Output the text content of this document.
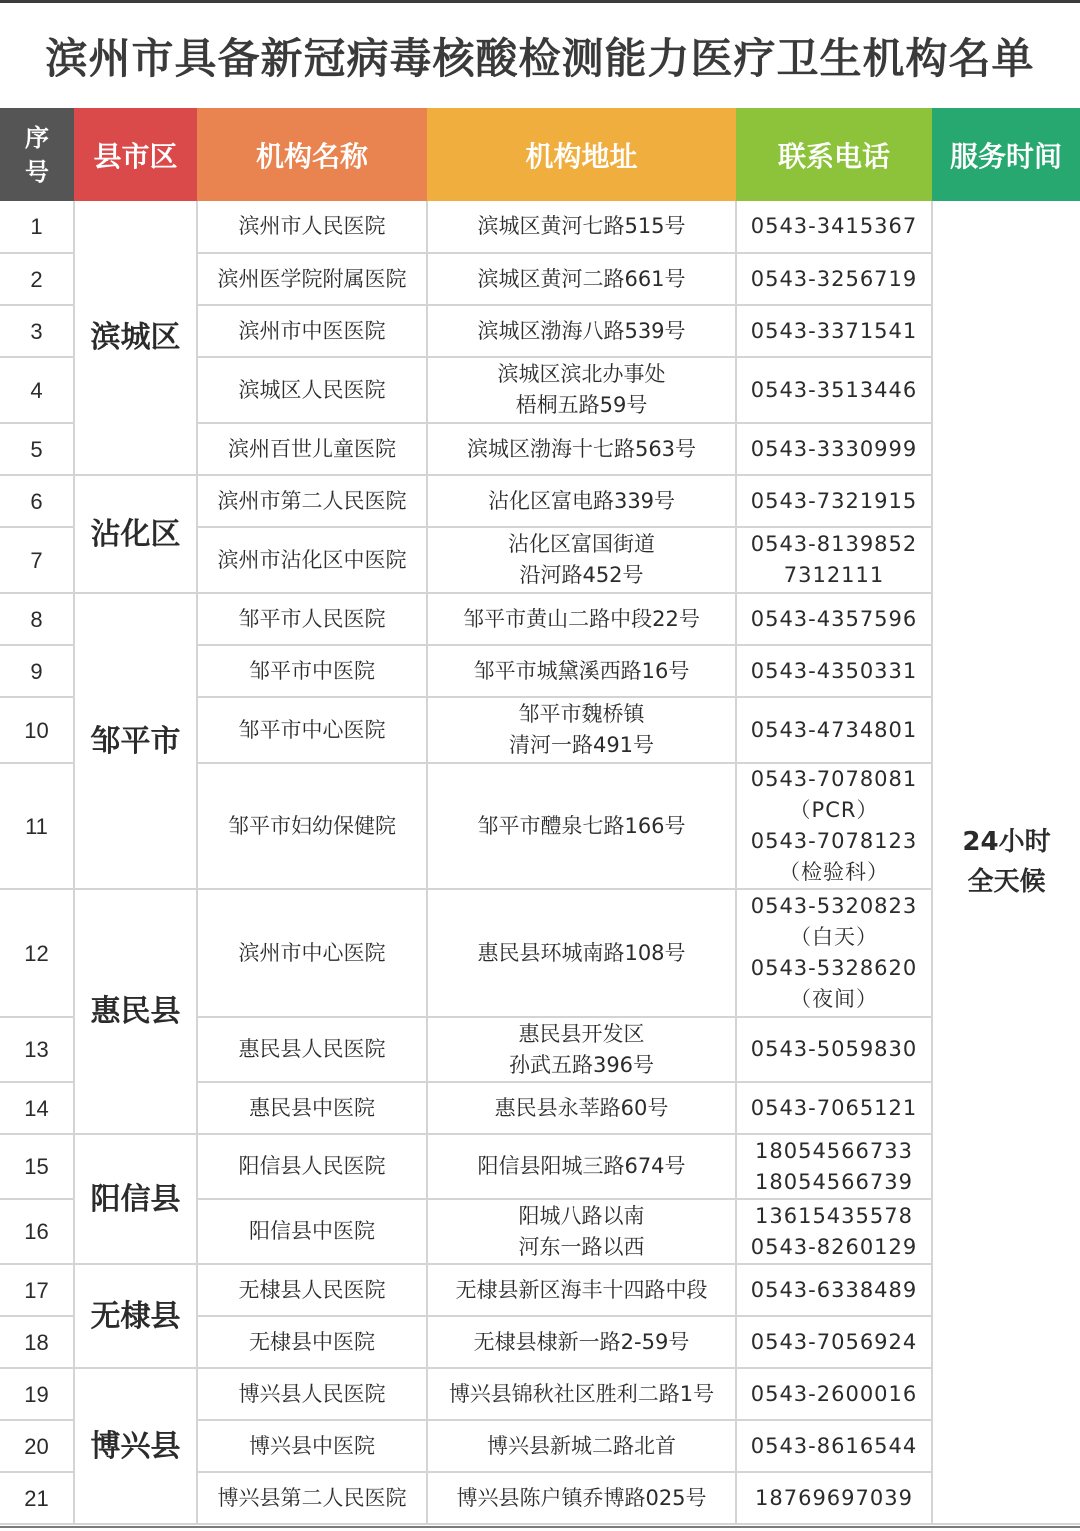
滨州市具备新冠病毒核酸检测能力医疗卫生机构名单
序
号	县市区	机构名称	机构地址	联系电话	服务时间
1	滨城区	滨州市人民医院	滨城区黄河七路515号	0543-3415367	24小时
全天候

2		滨州医学院附属医院	滨城区黄河二路661号	0543-3256719	

3		滨州市中医医院	滨城区渤海八路539号	0543-3371541	

4		滨城区人民医院	滨城区滨北办事处
梧桐五路59号	0543-3513446	

5		滨州百世儿童医院	滨城区渤海十七路563号	0543-3330999	

6	沾化区	滨州市第二人民医院	沾化区富电路339号	0543-7321915	

7		滨州市沾化区中医院	沾化区富国街道
沿河路452号	0543-8139852
7312111	

8	邹平市	邹平市人民医院	邹平市黄山二路中段22号	0543-4357596	

9		邹平市中医院	邹平市城黛溪西路16号	0543-4350331	

10		邹平市中心医院	邹平市魏桥镇
清河一路491号	0543-4734801	

11		邹平市妇幼保健院	邹平市醴泉七路166号	0543-7078081
（PCR）
0543-7078123
（检验科）	

12	惠民县	滨州市中心医院	惠民县环城南路108号	0543-5320823
（白天）
0543-5328620
（夜间）	

13		惠民县人民医院	惠民县开发区
孙武五路396号	0543-5059830	

14		惠民县中医院	惠民县永莘路60号	0543-7065121	

15	阳信县	阳信县人民医院	阳信县阳城三路674号	18054566733
18054566739	

16		阳信县中医院	阳城八路以南
河东一路以西	13615435578
0543-8260129	

17	无棣县	无棣县人民医院	无棣县新区海丰十四路中段	0543-6338489	

18		无棣县中医院	无棣县棣新一路2-59号	0543-7056924	

19	博兴县	博兴县人民医院	博兴县锦秋社区胜利二路1号	0543-2600016	

20		博兴县中医院	博兴县新城二路北首	0543-8616544	

21		博兴县第二人民医院	博兴县陈户镇乔博路025号	18769697039	
